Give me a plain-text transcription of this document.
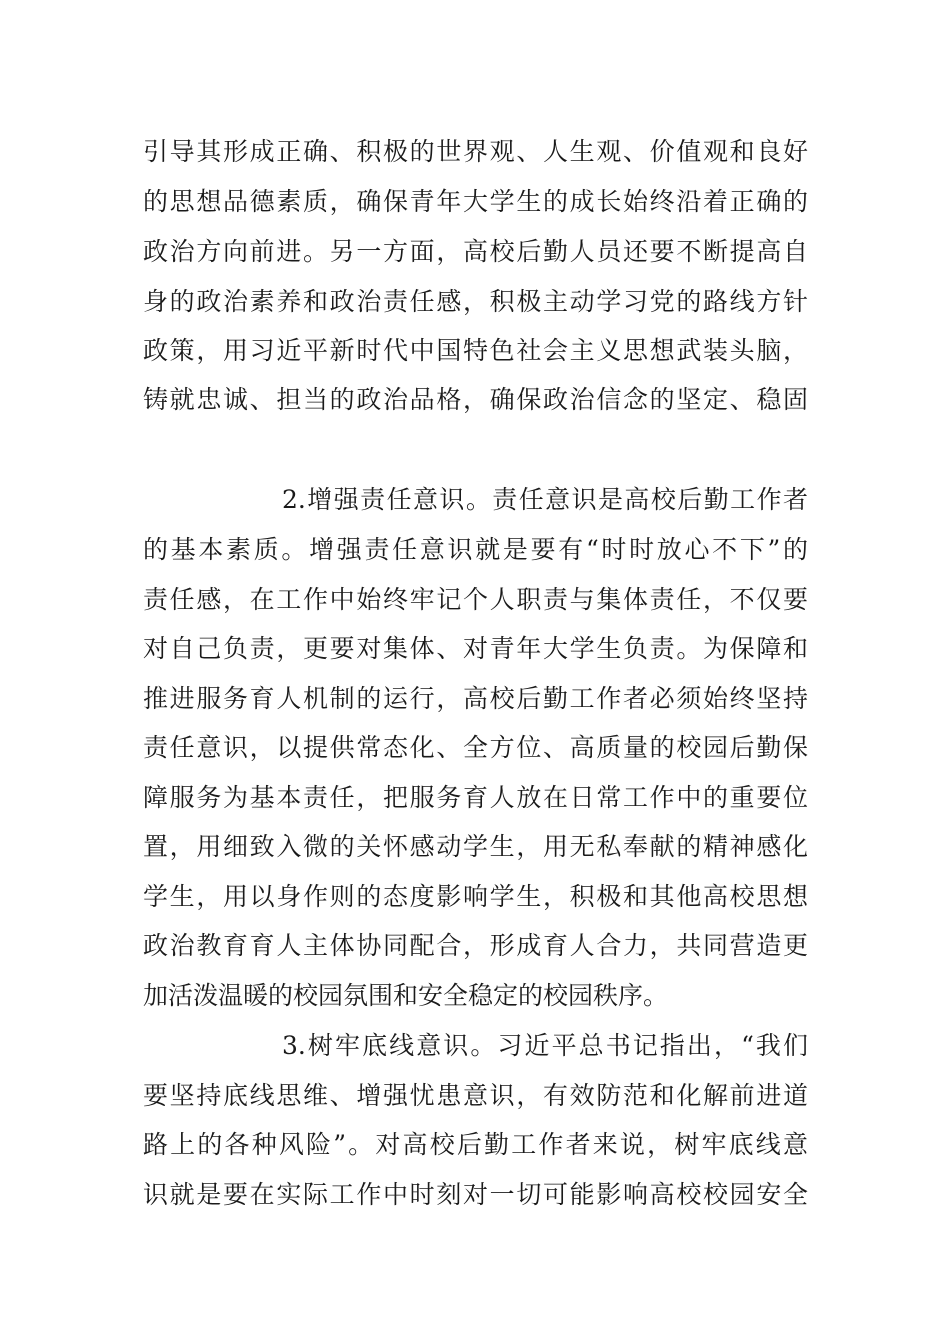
引导其形成正确、积极的世界观、人生观、价值观和良好
的思想品德素质，确保青年大学生的成长始终沿着正确的
政治方向前进。另一方面，高校后勤人员还要不断提高自
身的政治素养和政治责任感，积极主动学习党的路线方针
政策，用习近平新时代中国特色社会主义思想武装头脑，
铸就忠诚、担当的政治品格，确保政治信念的坚定、稳固
2.增强责任意识。责任意识是高校后勤工作者
的基本素质。增强责任意识就是要有“时时放心不下”的
责任感，在工作中始终牢记个人职责与集体责任，不仅要
对自己负责，更要对集体、对青年大学生负责。为保障和
推进服务育人机制的运行，高校后勤工作者必须始终坚持
责任意识，以提供常态化、全方位、高质量的校园后勤保
障服务为基本责任，把服务育人放在日常工作中的重要位
置，用细致入微的关怀感动学生，用无私奉献的精神感化
学生，用以身作则的态度影响学生，积极和其他高校思想
政治教育育人主体协同配合，形成育人合力，共同营造更
加活泼温暖的校园氛围和安全稳定的校园秩序。
3.树牢底线意识。习近平总书记指出，“我们
要坚持底线思维、增强忧患意识，有效防范和化解前进道
路上的各种风险”。对高校后勤工作者来说，树牢底线意
识就是要在实际工作中时刻对一切可能影响高校校园安全
